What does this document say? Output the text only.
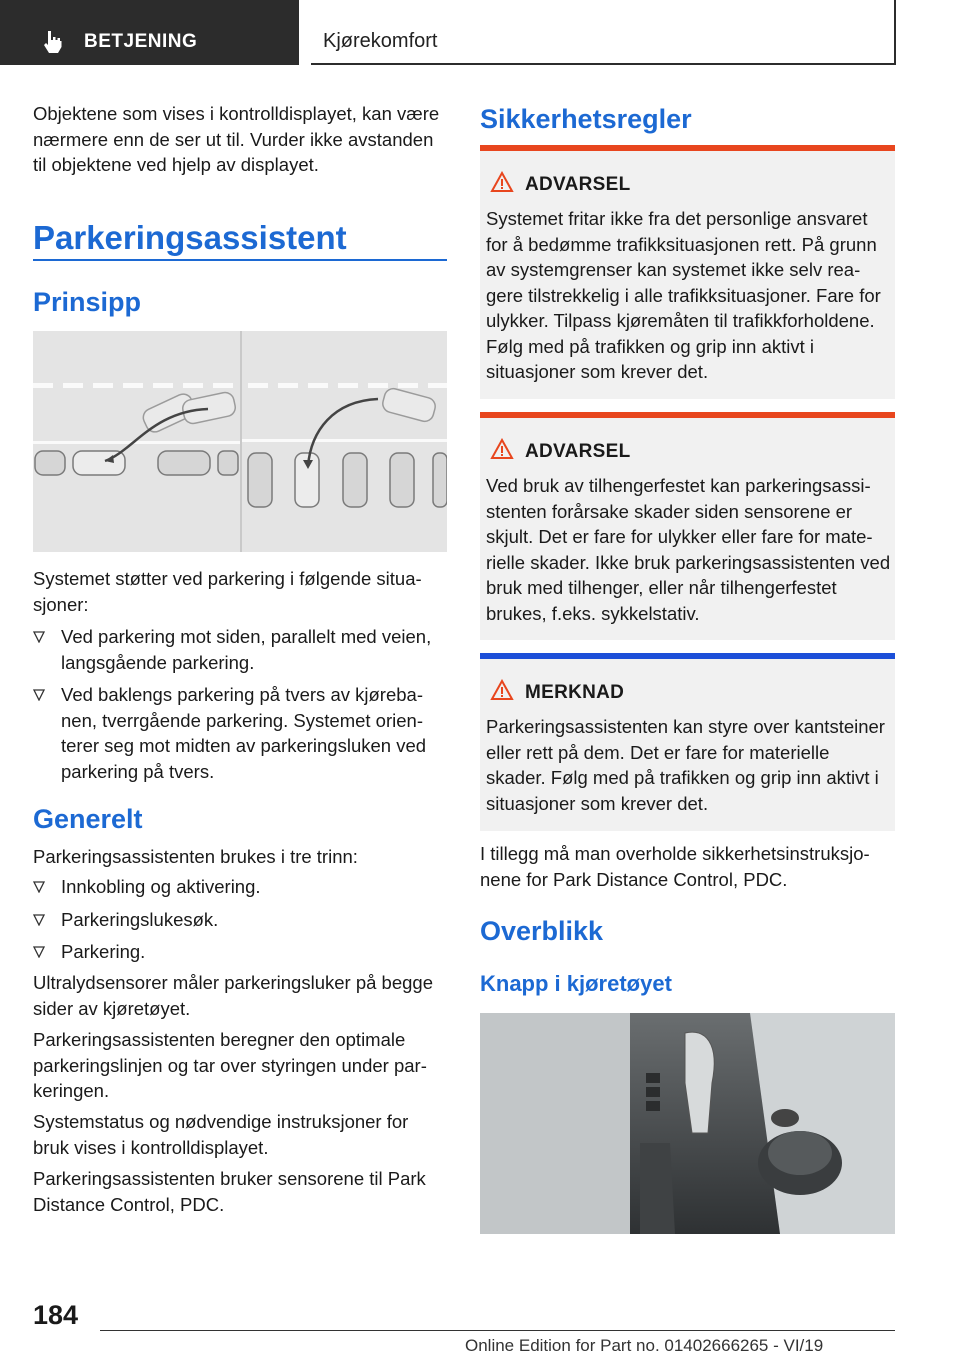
BETJENING	Kjørekomfort

Objektene som vises i kontrolldisplayet, kan være nærmere enn de ser ut til. Vurder ikke avstanden til objektene ved hjelp av displayet.

Parkeringsassistent
Prinsipp

Systemet støtter ved parkering i følgende situasjoner:

Ved parkering mot siden, parallelt med veien, langsgående parkering.
Ved baklengs parkering på tvers av kjørebanen, tverrgående parkering. Systemet orienterer seg mot midten av parkeringsluken ved parkering på tvers.
Generelt

Parkeringsassistenten brukes i tre trinn:

Innkobling og aktivering.
Parkeringslukesøk.
Parkering.

Ultralydsensorer måler parkeringsluker på begge sider av kjøretøyet.

Parkeringsassistenten beregner den optimale parkeringslinjen og tar over styringen under parkeringen.

Systemstatus og nødvendige instruksjoner for bruk vises i kontrolldisplayet.

Parkeringsassistenten bruker sensorene til Park Distance Control, PDC.

Sikkerhetsregler
ADVARSEL
Systemet fritar ikke fra det personlige ansvaret for å bedømme trafikksituasjonen rett. På grunn av systemgrenser kan systemet ikke selv reagere tilstrekkelig i alle trafikksituasjoner. Fare for ulykker. Tilpass kjøremåten til trafikkforholdene. Følg med på trafikken og grip inn aktivt i situasjoner som krever det.
ADVARSEL
Ved bruk av tilhengerfestet kan parkeringsassistenten forårsake skader siden sensorene er skjult. Det er fare for ulykker eller fare for materielle skader. Ikke bruk parkeringsassistenten ved bruk med tilhenger, eller når tilhengerfestet brukes, f.eks. sykkelstativ.
MERKNAD
Parkeringsassistenten kan styre over kantsteiner eller rett på dem. Det er fare for materielle skader. Følg med på trafikken og grip inn aktivt i situasjoner som krever det.

I tillegg må man overholde sikkerhetsinstruksjonene for Park Distance Control, PDC.

Overblikk
Knapp i kjøretøyet
184
Online Edition for Part no. 01402666265 - VI/19
